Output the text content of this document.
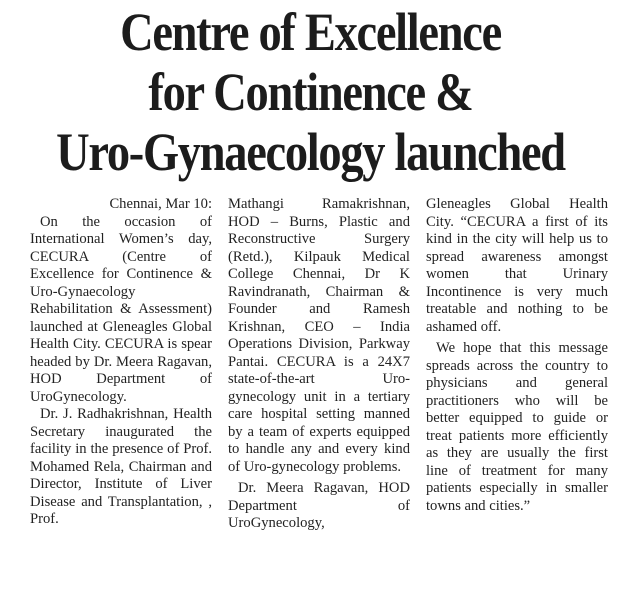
Centre of Excellence
for Continence &
Uro-Gynaecology launched

Chennai, Mar 10:

On the occasion of International Women’s day, CECURA (Centre of Excellence for Continence & Uro-Gynaecology Rehabilitation & Assessment) launched at Gleneagles Global Health City. CECURA is spear headed by Dr. Meera Ragavan, HOD Department of UroGynecology.

Dr. J. Radhakrishnan, Health Secretary inaugurated the facility in the presence of Prof. Mohamed Rela, Chairman and Director, Institute of Liver Disease and Transplantation, , Prof.

Mathangi Ramakrishnan, HOD – Burns, Plastic and Reconstructive Surgery (Retd.), Kilpauk Medical College Chennai, Dr K Ravindranath, Chairman & Founder and Ramesh Krishnan, CEO – India Operations Division, Parkway Pantai. CECURA is a 24X7 state-of-the-art Uro-gynecology unit in a tertiary care hospital setting manned by a team of experts equipped to handle any and every kind of Uro-gynecology problems.

Dr. Meera Ragavan, HOD Department of UroGynecology,

Gleneagles Global Health City. “CECURA a first of its kind in the city will help us to spread awareness amongst women that Urinary Incontinence is very much treatable and nothing to be ashamed off.

We hope that this message spreads across the country to physicians and general practitioners who will be better equipped to guide or treat patients more efficiently as they are usually the first line of treatment for many patients especially in smaller towns and cities.”
